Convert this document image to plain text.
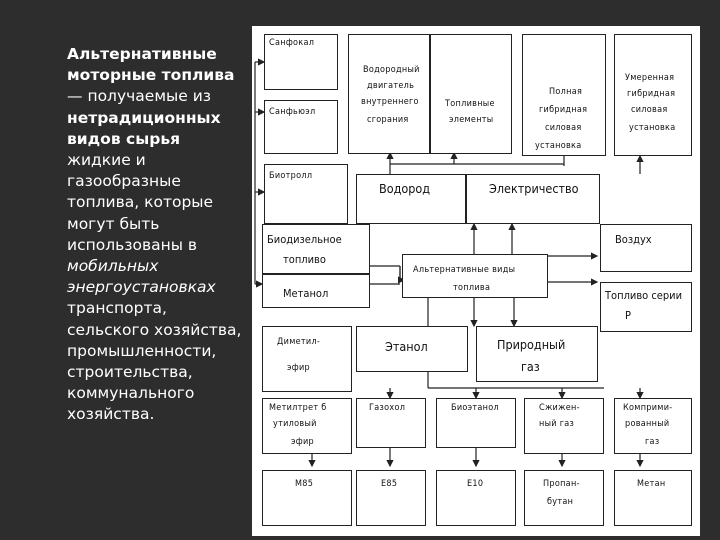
Альтернативные моторные топлива — получаемые из нетрадиционных видов сырья жидкие и газообразные топлива, которые могут быть использованы в мобильных энергоустановках транспорта, сельского хозяйства, промышленности, строительства, коммунального хозяйства.
Санфокал
Санфьюэл
Биотролл
Биодизельное
топливо
Метанол
Диметил-
эфир
Метилтрет б
утиловый
эфир
М85
Водородный
двигатель
внутреннего
сгорания
Топливные
элементы
Полная
гибридная
силовая
установка
Умеренная
гибридная
силовая
установка
Водород	Электричество
Воздух
Альтернативные виды
топлива
Топливо серии
Р
Этанол	Природный
газ
Газохол	Биоэтанол	Сжижен-
ный газ
Комприми-
рованный
газ
Е85	Е10	Пропан-
бутан
Метан
